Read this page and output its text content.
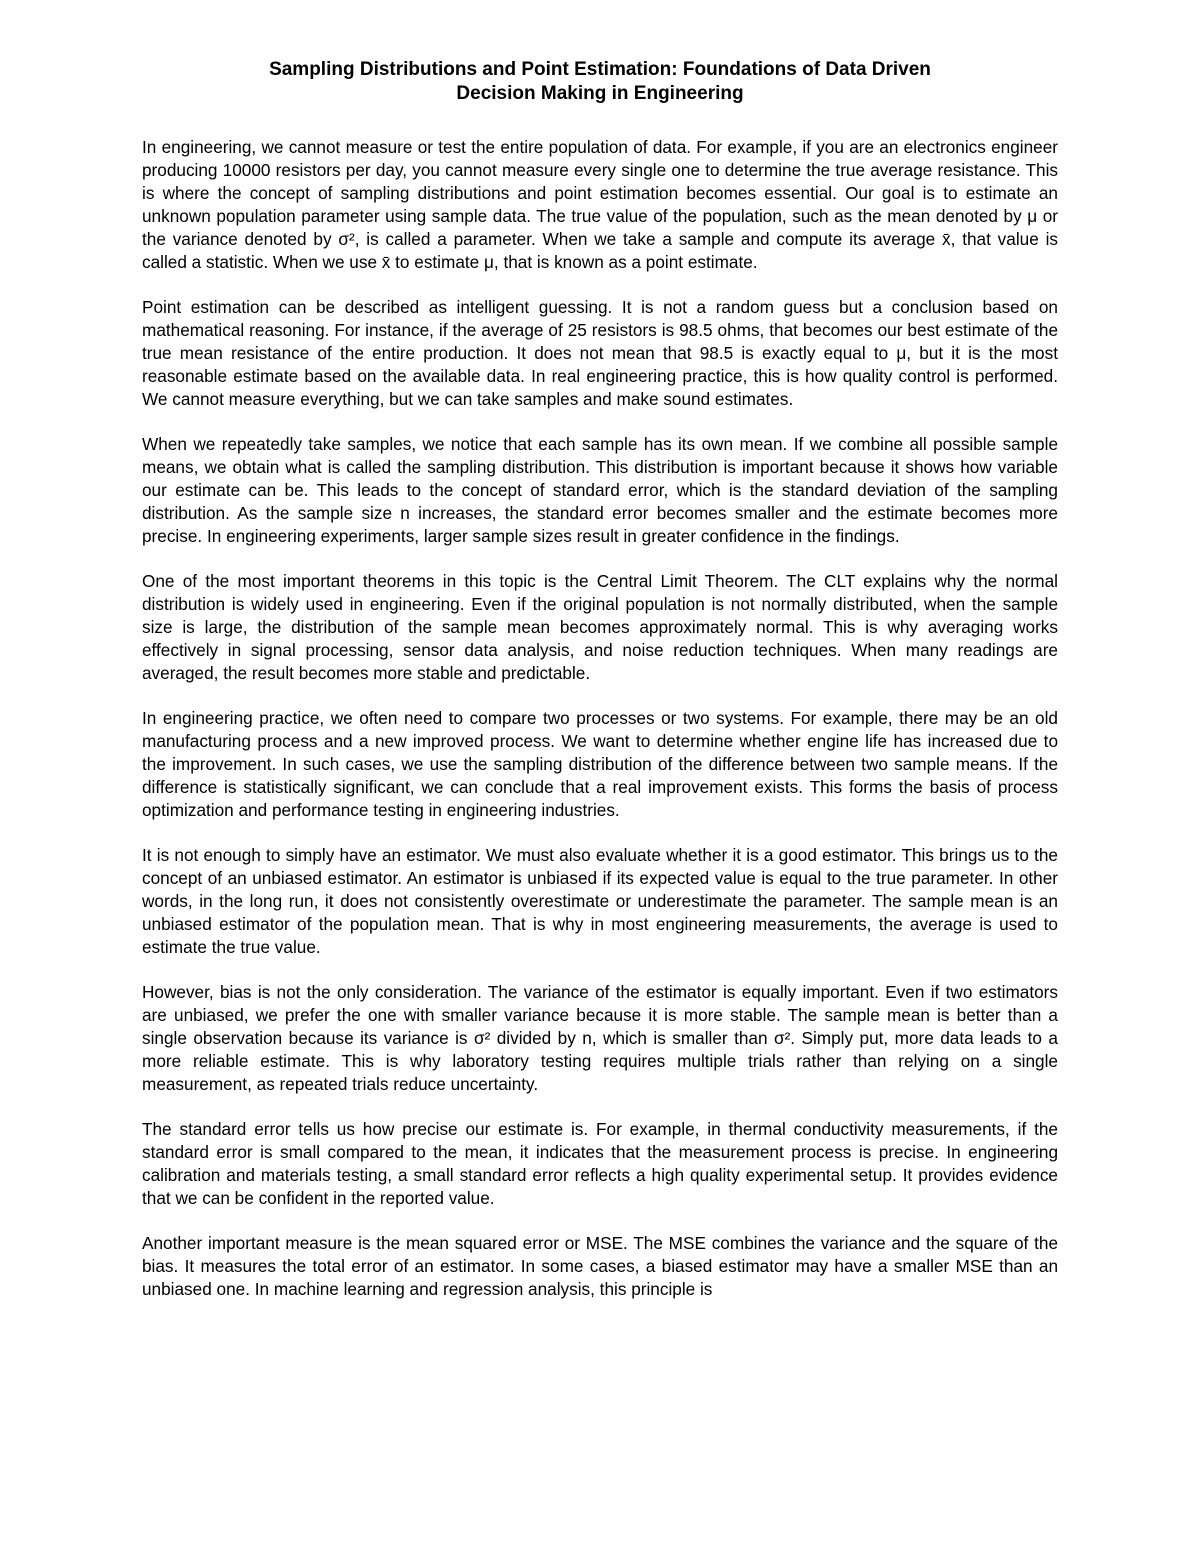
Sampling Distributions and Point Estimation: Foundations of Data Driven
Decision Making in Engineering

In engineering, we cannot measure or test the entire population of data. For example, if you are an electronics engineer producing 10000 resistors per day, you cannot measure every single one to determine the true average resistance. This is where the concept of sampling distributions and point estimation becomes essential. Our goal is to estimate an unknown population parameter using sample data. The true value of the population, such as the mean denoted by μ or the variance denoted by σ², is called a parameter. When we take a sample and compute its average x̄, that value is called a statistic. When we use x̄ to estimate μ, that is known as a point estimate.

Point estimation can be described as intelligent guessing. It is not a random guess but a conclusion based on mathematical reasoning. For instance, if the average of 25 resistors is 98.5 ohms, that becomes our best estimate of the true mean resistance of the entire production. It does not mean that 98.5 is exactly equal to μ, but it is the most reasonable estimate based on the available data. In real engineering practice, this is how quality control is performed. We cannot measure everything, but we can take samples and make sound estimates.

When we repeatedly take samples, we notice that each sample has its own mean. If we combine all possible sample means, we obtain what is called the sampling distribution. This distribution is important because it shows how variable our estimate can be. This leads to the concept of standard error, which is the standard deviation of the sampling distribution. As the sample size n increases, the standard error becomes smaller and the estimate becomes more precise. In engineering experiments, larger sample sizes result in greater confidence in the findings.

One of the most important theorems in this topic is the Central Limit Theorem. The CLT explains why the normal distribution is widely used in engineering. Even if the original population is not normally distributed, when the sample size is large, the distribution of the sample mean becomes approximately normal. This is why averaging works effectively in signal processing, sensor data analysis, and noise reduction techniques. When many readings are averaged, the result becomes more stable and predictable.

In engineering practice, we often need to compare two processes or two systems. For example, there may be an old manufacturing process and a new improved process. We want to determine whether engine life has increased due to the improvement. In such cases, we use the sampling distribution of the difference between two sample means. If the difference is statistically significant, we can conclude that a real improvement exists. This forms the basis of process optimization and performance testing in engineering industries.

It is not enough to simply have an estimator. We must also evaluate whether it is a good estimator. This brings us to the concept of an unbiased estimator. An estimator is unbiased if its expected value is equal to the true parameter. In other words, in the long run, it does not consistently overestimate or underestimate the parameter. The sample mean is an unbiased estimator of the population mean. That is why in most engineering measurements, the average is used to estimate the true value.

However, bias is not the only consideration. The variance of the estimator is equally important. Even if two estimators are unbiased, we prefer the one with smaller variance because it is more stable. The sample mean is better than a single observation because its variance is σ² divided by n, which is smaller than σ². Simply put, more data leads to a more reliable estimate. This is why laboratory testing requires multiple trials rather than relying on a single measurement, as repeated trials reduce uncertainty.

The standard error tells us how precise our estimate is. For example, in thermal conductivity measurements, if the standard error is small compared to the mean, it indicates that the measurement process is precise. In engineering calibration and materials testing, a small standard error reflects a high quality experimental setup. It provides evidence that we can be confident in the reported value.

Another important measure is the mean squared error or MSE. The MSE combines the variance and the square of the bias. It measures the total error of an estimator. In some cases, a biased estimator may have a smaller MSE than an unbiased one. In machine learning and regression analysis, this principle is
